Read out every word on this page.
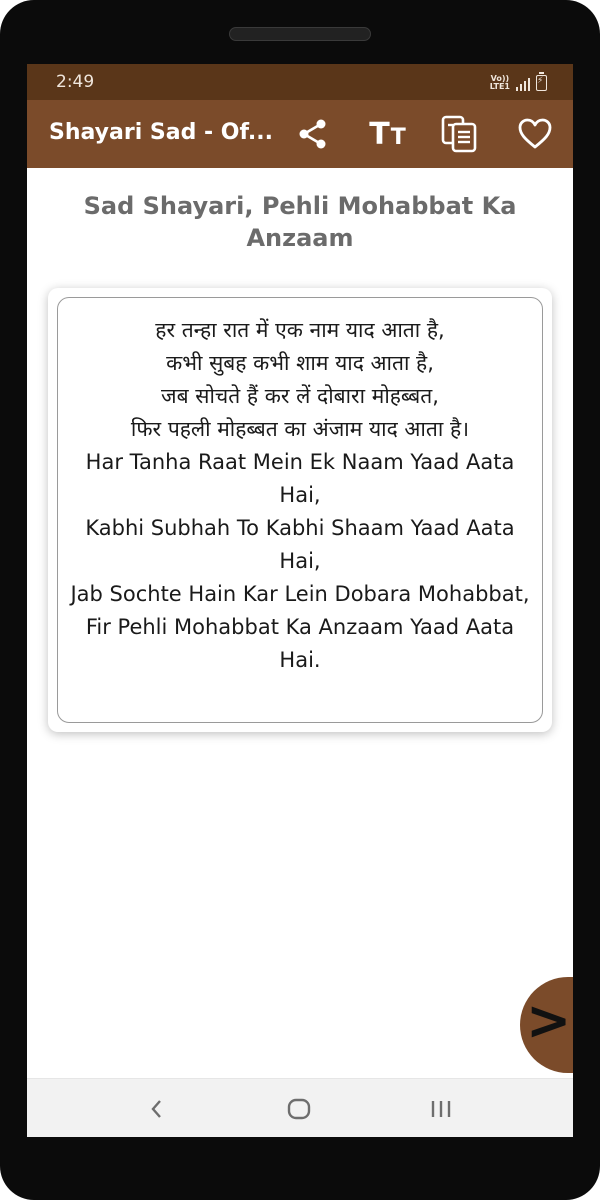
2:49	Vo))
LTE1
⚡
Shayari Sad - Of...	TT
Sad Shayari, Pehli Mohabbat Ka Anzaam
हर तन्हा रात में एक नाम याद आता है,
कभी सुबह कभी शाम याद आता है,
जब सोचते हैं कर लें दोबारा मोहब्बत,
फिर पहली मोहब्बत का अंजाम याद आता है।
Har Tanha Raat Mein Ek Naam Yaad Aata Hai,
Kabhi Subhah To Kabhi Shaam Yaad Aata Hai,
Jab Sochte Hain Kar Lein Dobara Mohabbat,
Fir Pehli Mohabbat Ka Anzaam Yaad Aata Hai.
>
